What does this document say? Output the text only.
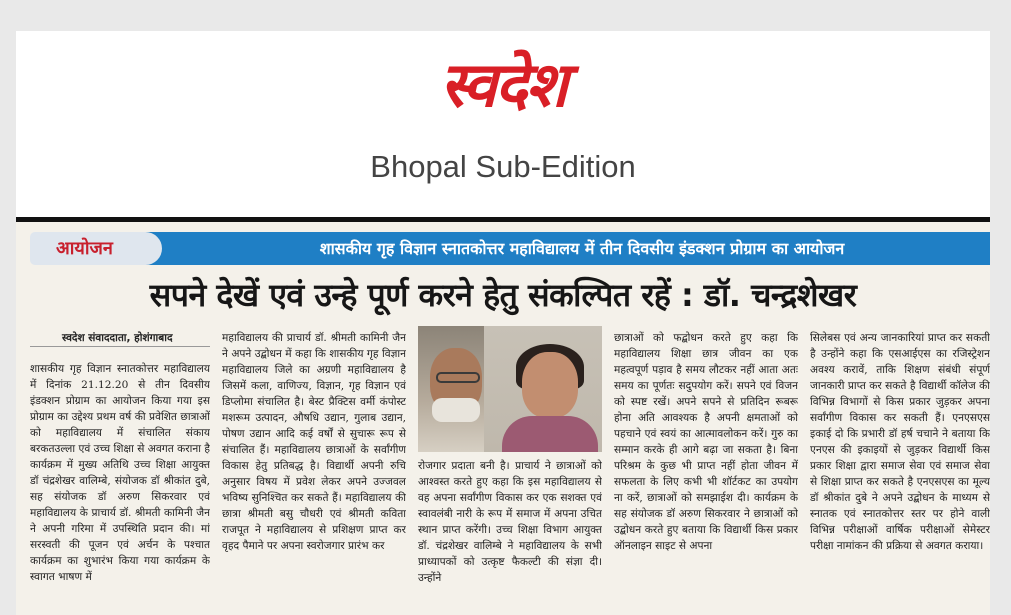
स्वदेश
Bhopal Sub-Edition
आयोजन	शासकीय गृह विज्ञान स्नातकोत्तर महाविद्यालय में तीन दिवसीय इंडक्शन प्रोग्राम का आयोजन
सपने देखें एवं उन्हे पूर्ण करने हेतु संकल्पित रहें : डॉ. चन्द्रशेखर
स्वदेश संवाददाता, होशंगाबाद
शासकीय गृह विज्ञान स्नातकोत्तर महाविद्यालय में दिनांक 21.12.20 से तीन दिवसीय इंडक्शन प्रोग्राम का आयोजन किया गया इस प्रोग्राम का उद्देश्य प्रथम वर्ष की प्रवेशित छात्राओं को महाविद्यालय में संचालित संकाय बरकतउल्ला एवं उच्च शिक्षा से अवगत कराना है कार्यक्रम में मुख्य अतिथि उच्च शिक्षा आयुक्त डॉ चंद्रशेखर वालिम्बे, संयोजक डॉ श्रीकांत दुबे, सह संयोजक डॉ अरुण सिकरवार एवं महाविद्यालय के प्राचार्य डॉ. श्रीमती कामिनी जैन ने अपनी गरिमा में उपस्थिति प्रदान की। मां सरस्वती की पूजन एवं अर्चन के पश्चात कार्यक्रम का शुभारंभ किया गया कार्यक्रम के स्वागत भाषण में
महाविद्यालय की प्राचार्य डॉ. श्रीमती कामिनी जैन ने अपने उद्बोधन में कहा कि शासकीय गृह विज्ञान महाविद्यालय जिले का अग्रणी महाविद्यालय है जिसमें कला, वाणिज्य, विज्ञान, गृह विज्ञान एवं डिप्लोमा संचालित है। बेस्ट प्रैक्टिस वर्मी कंपोस्ट मशरूम उत्पादन, औषधि उद्यान, गुलाब उद्यान, पोषण उद्यान आदि कई वर्षों से सुचारू रूप से संचालित हैं। महाविद्यालय छात्राओं के सर्वांगीण विकास हेतु प्रतिबद्ध है। विद्यार्थी अपनी रुचि अनुसार विषय में प्रवेश लेकर अपने उज्जवल भविष्य सुनिश्चित कर सकते हैं। महाविद्यालय की छात्रा श्रीमती बसु चौधरी एवं श्रीमती कविता राजपूत ने महाविद्यालय से प्रशिक्षण प्राप्त कर वृहद पैमाने पर अपना स्वरोजगार प्रारंभ कर
रोजगार प्रदाता बनी है। प्राचार्य ने छात्राओं को आश्वस्त करते हुए कहा कि इस महाविद्यालय से वह अपना सर्वांगीण विकास कर एक सशक्त एवं स्वावलंबी नारी के रूप में समाज में अपना उचित स्थान प्राप्त करेंगी। उच्च शिक्षा विभाग आयुक्त डॉ. चंद्रशेखर वालिम्बे ने महाविद्यालय के सभी प्राध्यापकों को उत्कृष्ट फैकल्टी की संज्ञा दी। उन्होंने
छात्राओं को फद्बोधन करते हुए कहा कि महाविद्यालय शिक्षा छात्र जीवन का एक महत्वपूर्ण पड़ाव है समय लौटकर नहीं आता अतः समय का पूर्णतः सदुपयोग करें। सपने एवं विजन को स्पष्ट रखें। अपने सपने से प्रतिदिन रूबरू होना अति आवश्यक है अपनी क्षमताओं को पहचाने एवं स्वयं का आत्मावलोकन करें। गुरु का सम्मान करके ही आगे बढ़ा जा सकता है। बिना परिश्रम के कुछ भी प्राप्त नहीं होता जीवन में सफलता के लिए कभी भी शॉर्टकट का उपयोग ना करें, छात्राओं को समझाईश दी। कार्यक्रम के सह संयोजक डॉ अरुण सिकरवार ने छात्राओं को उद्बोधन करते हुए बताया कि विद्यार्थी किस प्रकार ऑनलाइन साइट से अपना
सिलेबस एवं अन्य जानकारियां प्राप्त कर सकती है उन्होंने कहा कि एसआईएस का रजिस्ट्रेशन अवश्य करावें, ताकि शिक्षण संबंधी संपूर्ण जानकारी प्राप्त कर सकते है विद्यार्थी कॉलेज की विभिन्न विभागों से किस प्रकार जुड़कर अपना सर्वांगीण विकास कर सकती हैं। एनएसएस इकाई दो कि प्रभारी डॉ हर्ष चचाने ने बताया कि एनएस की इकाइयों से जुड़कर विद्यार्थी किस प्रकार शिक्षा द्वारा समाज सेवा एवं समाज सेवा से शिक्षा प्राप्त कर सकते है एनएसएस का मूल्य डॉ श्रीकांत दुबे ने अपने उद्बोधन के माध्यम से स्नातक एवं स्नातकोत्तर स्तर पर होने वाली विभिन्न परीक्षाओं वार्षिक परीक्षाओं सेमेस्टर परीक्षा नामांकन की प्रक्रिया से अवगत कराया।
